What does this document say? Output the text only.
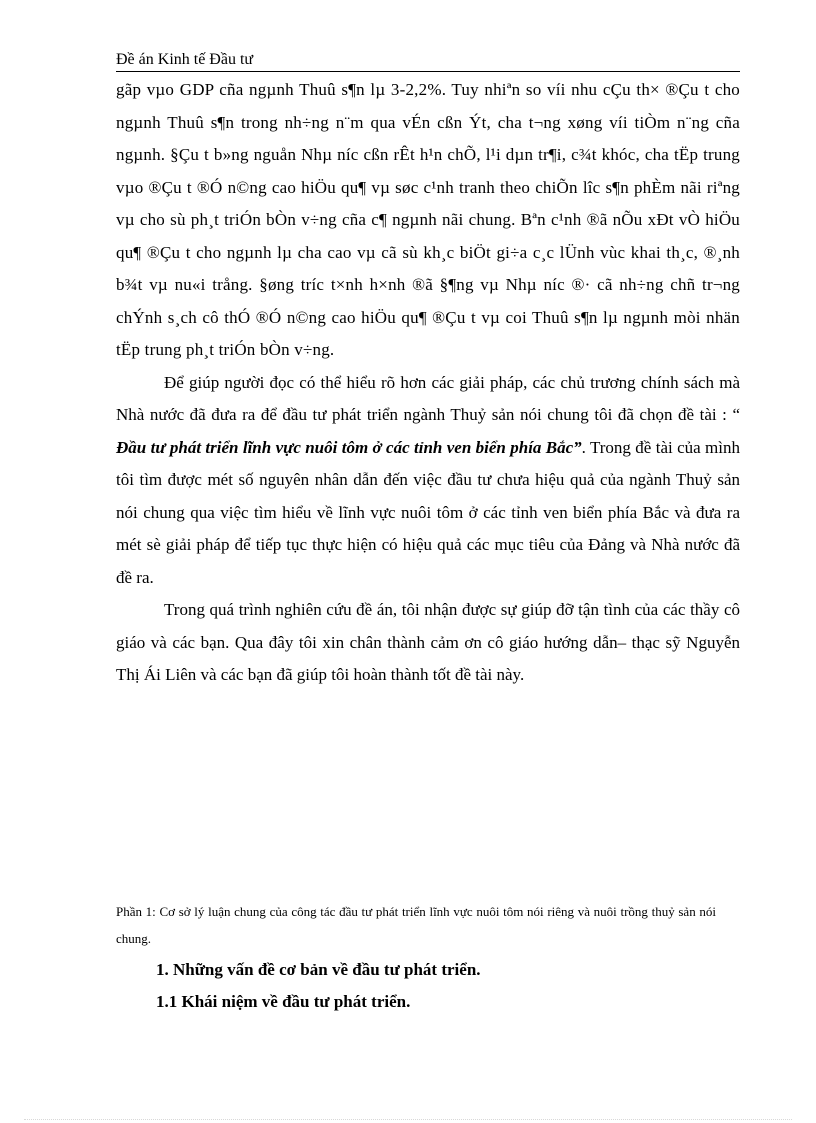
Đề án Kinh tế Đầu tư

gãp vµo GDP cña ngµnh Thuû s¶n lµ 3-2,2%. Tuy nhiªn so víi nhu cÇu th× ®Çu t cho ngµnh Thuû s¶n trong nh÷ng n¨m qua vÉn cßn Ýt, cha t¬ng xøng víi tiÒm n¨ng cña ngµnh. §Çu t b»ng nguån Nhµ níc cßn rÊt h¹n chÕ, l¹i dµn tr¶i, c¾t khóc, cha tËp trung vµo ®Çu t ®Ó n©ng cao hiÖu qu¶ vµ søc c¹nh tranh theo chiÕn lîc s¶n phÈm nãi riªng vµ cho sù ph¸t triÓn bÒn v÷ng cña c¶ ngµnh nãi chung. Bªn c¹nh ®ã nÕu xÐt vÒ hiÖu qu¶ ®Çu t cho ngµnh lµ cha cao vµ cã sù kh¸c biÖt gi÷a c¸c lÜnh vùc khai th¸c, ®¸nh b¾t vµ nu«i trång. §øng tríc t×nh h×nh ®ã §¶ng vµ Nhµ níc ®· cã nh÷ng chñ tr¬ng chÝnh s¸ch cô thÓ ®Ó n©ng cao hiÖu qu¶ ®Çu t vµ coi Thuû s¶n lµ ngµnh mòi nhän tËp trung ph¸t triÓn bÒn v÷ng.

Để giúp người đọc có thể hiểu rõ hơn các giải pháp, các chủ trương chính sách mà Nhà nước đã đưa ra để đầu tư phát triển ngành Thuỷ sản nói chung tôi đã chọn đề tài : “ Đầu tư phát triển lĩnh vực nuôi tôm ở các tỉnh ven biển phía Bắc”. Trong đề tài của mình tôi tìm được mét số nguyên nhân dẫn đến việc đầu tư chưa hiệu quả của ngành Thuỷ sản nói chung qua việc tìm hiểu về lĩnh vực nuôi tôm ở các tỉnh ven biển phía Bắc và đưa ra mét sè giải pháp để tiếp tục thực hiện có hiệu quả các mục tiêu của Đảng và Nhà nước đã đề ra.

Trong quá trình nghiên cứu đề án, tôi nhận được sự giúp đỡ tận tình của các thầy cô giáo và các bạn. Qua đây tôi xin chân thành cảm ơn cô giáo hướng dẫn– thạc sỹ Nguyễn Thị Ái Liên và các bạn đã giúp tôi hoàn thành tốt đề tài này.

Phần 1: Cơ sở lý luận chung của công tác đầu tư phát triển lĩnh vực nuôi tôm nói riêng và nuôi trồng thuỷ sản nói chung.
1. Những vấn đề cơ bản về đầu tư phát triển.
1.1 Khái niệm về đầu tư phát triển.
